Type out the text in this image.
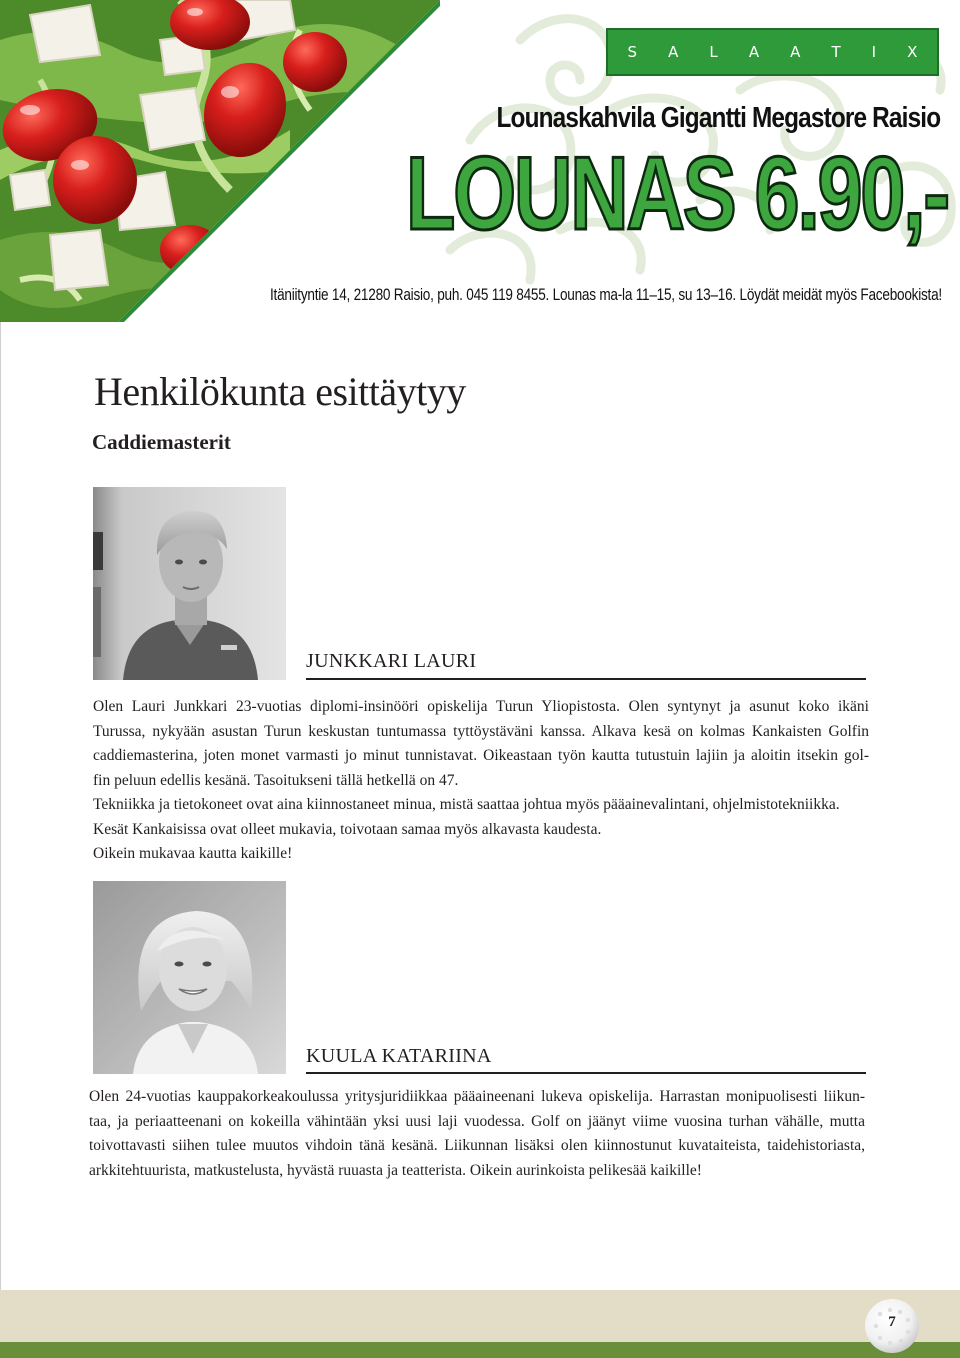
S A L A A T I X
Lounaskahvila Gigantti Megastore Raisio
LOUNAS 6.90,-
Itäniityntie 14, 21280 Raisio, puh. 045 119 8455. Lounas ma-la 11–15, su 13–16. Löydät meidät myös Facebookista!
Henkilökunta esittäytyy
Caddiemasterit
JUNKKARI LAURI
Olen Lauri Junkkari 23-vuotias diplomi-insinööri opiskelija Turun Yliopistosta. Olen syntynyt ja asunut koko ikäni
Turussa, nykyään asustan Turun keskustan tuntumassa tyttöystäväni kanssa. Alkava kesä on kolmas Kankaisten Golfin
caddiemasterina, joten monet varmasti jo minut tunnistavat. Oikeastaan työn kautta tutustuin lajiin ja aloitin itsekin gol-
fin peluun edellis kesänä. Tasoitukseni tällä hetkellä on 47.
Tekniikka ja tietokoneet ovat aina kiinnostaneet minua, mistä saattaa johtua myös pääainevalintani, ohjelmistotekniikka.
Kesät Kankaisissa ovat olleet mukavia, toivotaan samaa myös alkavasta kaudesta.
Oikein mukavaa kautta kaikille!
KUULA KATARIINA
Olen 24-vuotias kauppakorkeakoulussa yritysjuridiikkaa pääaineenani lukeva opiskelija. Harrastan monipuolisesti liikun-
taa, ja periaatteenani on kokeilla vähintään yksi uusi laji vuodessa. Golf on jäänyt viime vuosina turhan vähälle, mutta
toivottavasti siihen tulee muutos vihdoin tänä kesänä. Liikunnan lisäksi olen kiinnostunut kuvataiteista, taidehistoriasta,
arkkitehtuurista, matkustelusta, hyvästä ruuasta ja teatterista. Oikein aurinkoista pelikesää kaikille!
7
